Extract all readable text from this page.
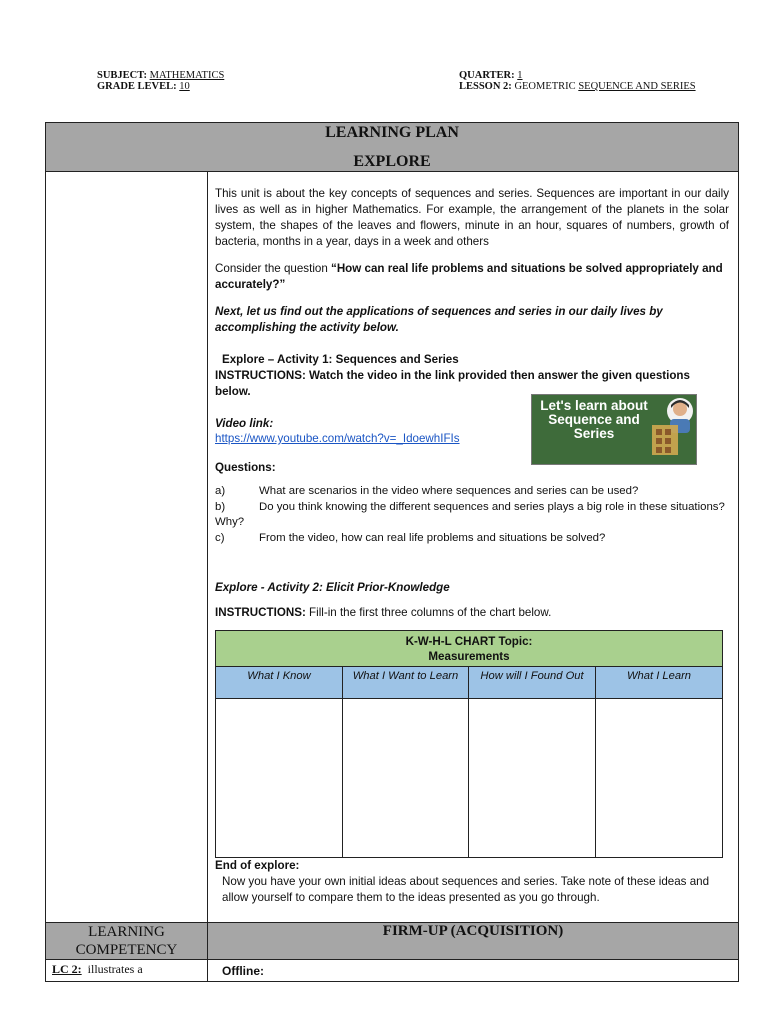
SUBJECT: MATHEMATICS
GRADE LEVEL: 10
QUARTER: 1
LESSON 2: GEOMETRIC SEQUENCE AND SERIES
LEARNING PLAN
EXPLORE
This unit is about the key concepts of sequences and series. Sequences are important in our daily lives as well as in higher Mathematics. For example, the arrangement of the planets in the solar system, the shapes of the leaves and flowers, minute in an hour, squares of numbers, growth of bacteria, months in a year, days in a week and others
Consider the question “How can real life problems and situations be solved appropriately and accurately?”
Next, let us find out the applications of sequences and series in our daily lives by accomplishing the activity below.
Explore – Activity 1: Sequences and Series
INSTRUCTIONS: Watch the video in the link provided then answer the given questions below.
Video link:
https://www.youtube.com/watch?v=_IdoewhIFIs
Let's learn about Sequence and Series
Questions:
a)	What are scenarios in the video where sequences and series can be used?
b)	Do you think knowing the different sequences and series plays a big role in these situations? Why?
c)	From the video, how can real life problems and situations be solved?
Explore - Activity 2: Elicit Prior-Knowledge
INSTRUCTIONS: Fill-in the first three columns of the chart below.
K-W-H-L CHART Topic:
Measurements
What I Know	What I Want to Learn	How will I Found Out	What I Learn
End of explore:
Now you have your own initial ideas about sequences and series. Take note of these ideas and allow yourself to compare them to the ideas presented as you go through.
LEARNING COMPETENCY
FIRM-UP (ACQUISITION)
LC 2: illustrates a	Offline:
